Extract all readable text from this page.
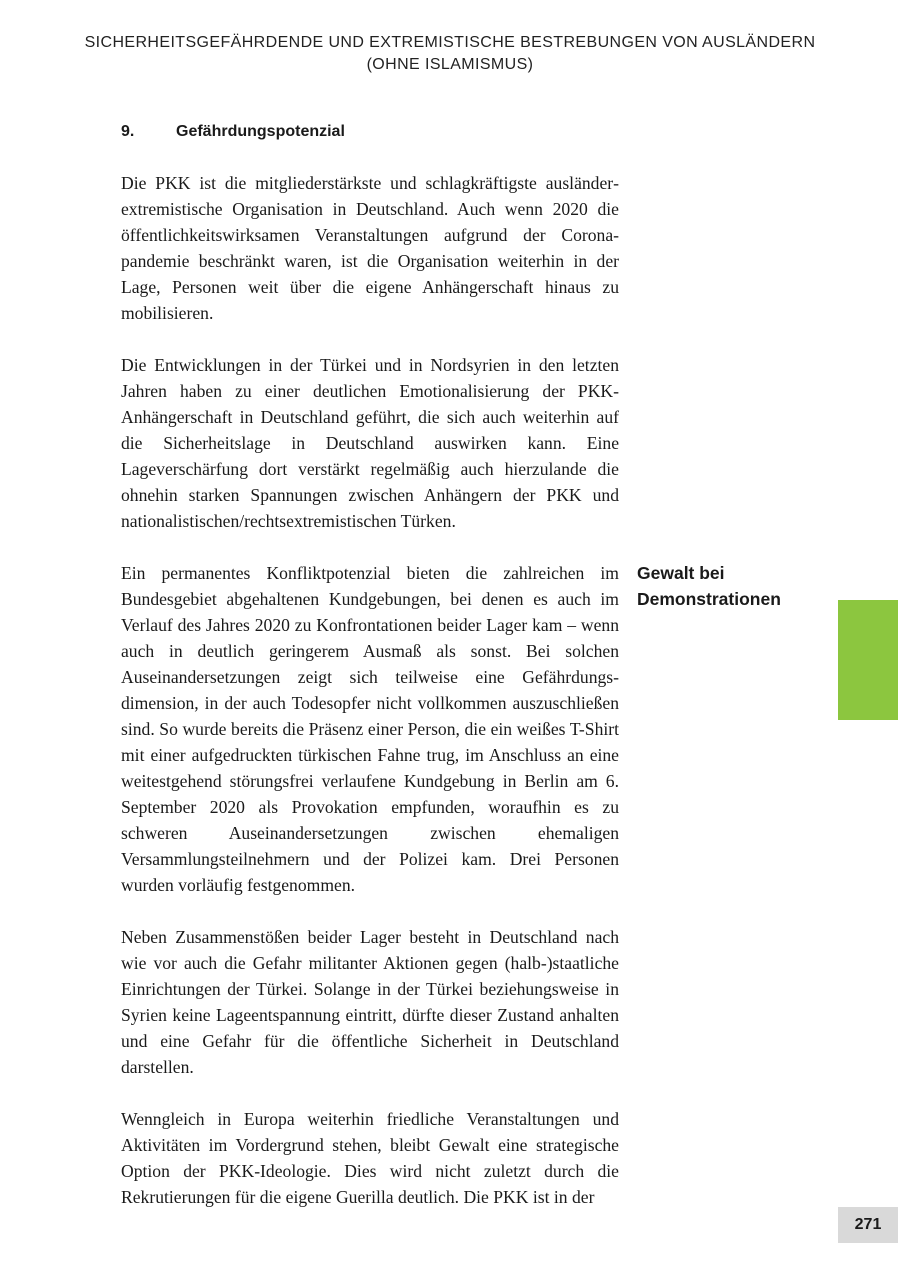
SICHERHEITSGEFÄHRDENDE UND EXTREMISTISCHE BESTREBUNGEN VON AUSLÄNDERN
(OHNE ISLAMISMUS)
9.	Gefährdungspotenzial

Die PKK ist die mitgliederstärkste und schlagkräftigste ausländerextremistische Organisation in Deutschland. Auch wenn 2020 die öffentlichkeitswirksamen Veranstaltungen aufgrund der Coronapandemie beschränkt waren, ist die Organisation weiterhin in der Lage, Personen weit über die eigene Anhängerschaft hinaus zu mobilisieren.

Die Entwicklungen in der Türkei und in Nordsyrien in den letzten Jahren haben zu einer deutlichen Emotionalisierung der PKK-Anhängerschaft in Deutschland geführt, die sich auch weiterhin auf die Sicherheitslage in Deutschland auswirken kann. Eine Lageverschärfung dort verstärkt regelmäßig auch hierzulande die ohnehin starken Spannungen zwischen Anhängern der PKK und nationalistischen/rechtsextremistischen Türken.

Ein permanentes Konfliktpotenzial bieten die zahlreichen im Bundesgebiet abgehaltenen Kundgebungen, bei denen es auch im Verlauf des Jahres 2020 zu Konfrontationen beider Lager kam – wenn auch in deutlich geringerem Ausmaß als sonst. Bei solchen Auseinandersetzungen zeigt sich teilweise eine Gefährdungsdimension, in der auch Todesopfer nicht vollkommen auszuschließen sind. So wurde bereits die Präsenz einer Person, die ein weißes T-Shirt mit einer aufgedruckten türkischen Fahne trug, im Anschluss an eine weitestgehend störungsfrei verlaufene Kundgebung in Berlin am 6. September 2020 als Provokation empfunden, woraufhin es zu schweren Auseinandersetzungen zwischen ehemaligen Versammlungsteilnehmern und der Polizei kam. Drei Personen wurden vorläufig festgenommen.

Neben Zusammenstößen beider Lager besteht in Deutschland nach wie vor auch die Gefahr militanter Aktionen gegen (halb-)staatliche Einrichtungen der Türkei. Solange in der Türkei beziehungsweise in Syrien keine Lageentspannung eintritt, dürfte dieser Zustand anhalten und eine Gefahr für die öffentliche Sicherheit in Deutschland darstellen.

Wenngleich in Europa weiterhin friedliche Veranstaltungen und Aktivitäten im Vordergrund stehen, bleibt Gewalt eine strategische Option der PKK-Ideologie. Dies wird nicht zuletzt durch die Rekrutierungen für die eigene Guerilla deutlich. Die PKK ist in der

Gewalt bei
Demonstrationen
271
